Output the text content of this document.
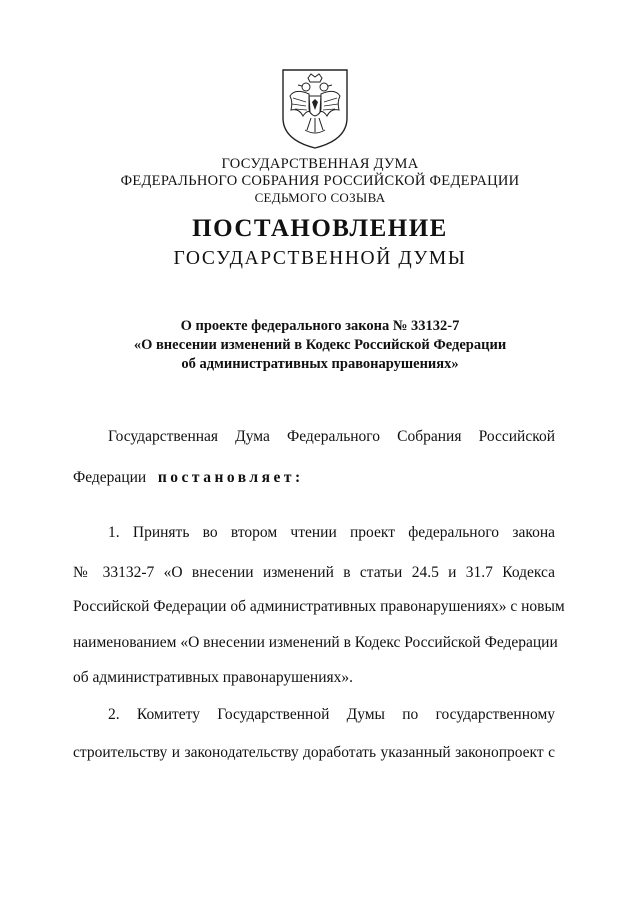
ГОСУДАРСТВЕННАЯ ДУМА
ФЕДЕРАЛЬНОГО СОБРАНИЯ РОССИЙСКОЙ ФЕДЕРАЦИИ
СЕДЬМОГО СОЗЫВА
ПОСТАНОВЛЕНИЕ
ГОСУДАРСТВЕННОЙ ДУМЫ
О проекте федерального закона № 33132-7
«О внесении изменений в Кодекс Российской Федерации
об административных правонарушениях»
Государственная Дума Федерального Собрания Российской
Федерации постановляет:
1. Принять во втором чтении проект федерального закона
№ 33132-7 «О внесении изменений в статьи 24.5 и 31.7 Кодекса
Российской Федерации об административных правонарушениях» с новым
наименованием «О внесении изменений в Кодекс Российской Федерации
об административных правонарушениях».
2. Комитету Государственной Думы по государственному
строительству и законодательству доработать указанный законопроект с
